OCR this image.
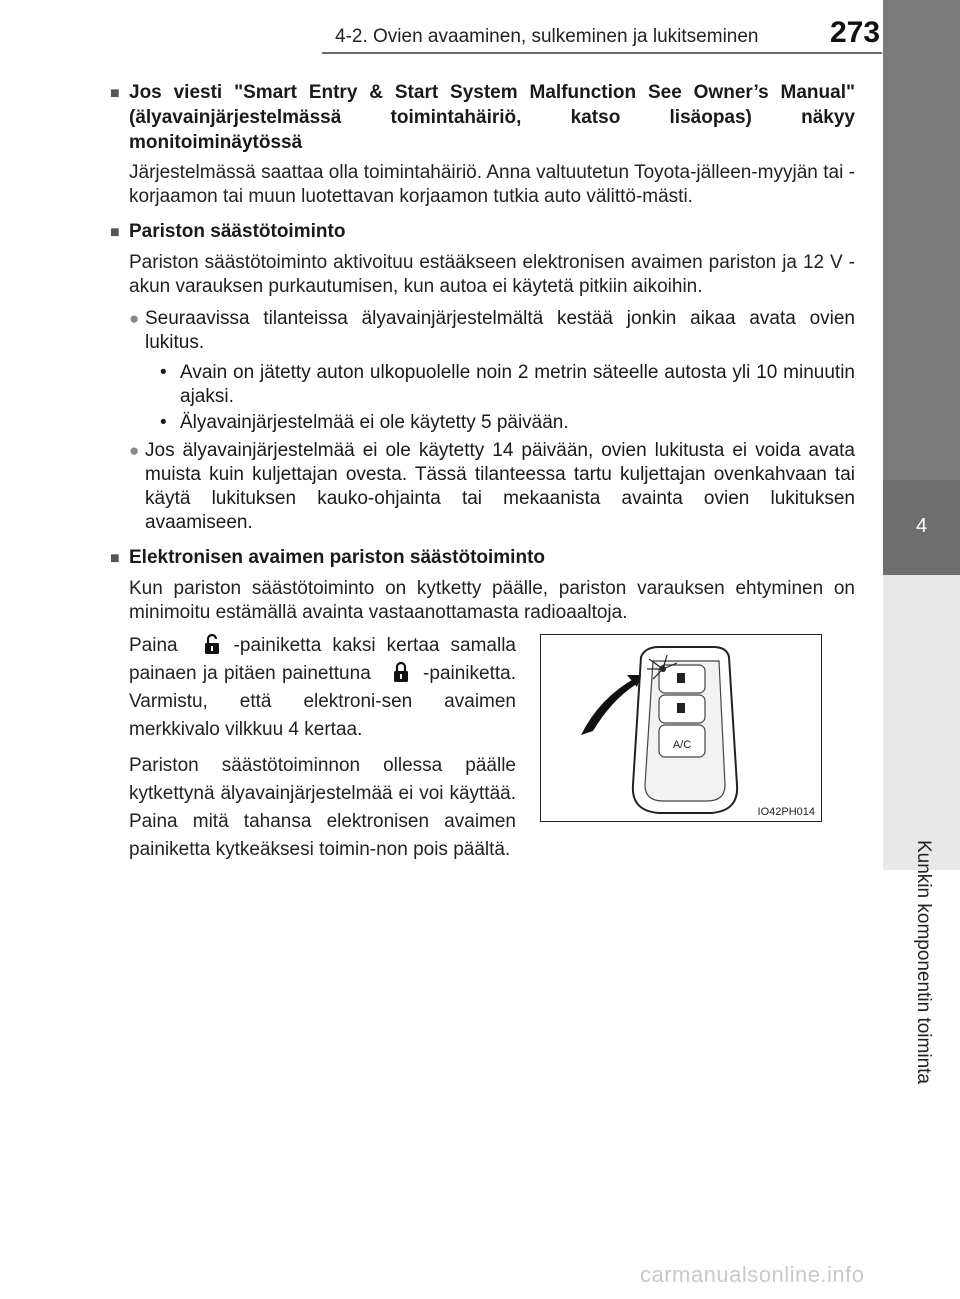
4-2. Ovien avaaminen, sulkeminen ja lukitseminen 273
4
Kunkin komponentin toiminta
■ Jos viesti "Smart Entry & Start System Malfunction See Owner’s Manual" (älyavainjärjestelmässä toimintahäiriö, katso lisäopas) näkyy monitoiminäytössä
Järjestelmässä saattaa olla toimintahäiriö. Anna valtuutetun Toyota-jälleen-myyjän tai -korjaamon tai muun luotettavan korjaamon tutkia auto välittö-mästi.
■ Pariston säästötoiminto
Pariston säästötoiminto aktivoituu estääkseen elektronisen avaimen pariston ja 12 V -akun varauksen purkautumisen, kun autoa ei käytetä pitkiin aikoihin.
● Seuraavissa tilanteissa älyavainjärjestelmältä kestää jonkin aikaa avata ovien lukitus.
• Avain on jätetty auton ulkopuolelle noin 2 metrin säteelle autosta yli 10 minuutin ajaksi.
• Älyavainjärjestelmää ei ole käytetty 5 päivään.
● Jos älyavainjärjestelmää ei ole käytetty 14 päivään, ovien lukitusta ei voida avata muista kuin kuljettajan ovesta. Tässä tilanteessa tartu kuljettajan ovenkahvaan tai käytä lukituksen kauko-ohjainta tai mekaanista avainta ovien lukituksen avaamiseen.
■ Elektronisen avaimen pariston säästötoiminto
Kun pariston säästötoiminto on kytketty päälle, pariston varauksen ehtyminen on minimoitu estämällä avainta vastaanottamasta radioaaltoja.
Paina	-painiketta kaksi kertaa samalla painaen ja pitäen painettuna	-painiketta. Varmistu, että elektroni-sen avaimen merkkivalo vilkkuu 4 kertaa.
Pariston säästötoiminnon ollessa päälle kytkettynä älyavainjärjestelmää ei voi käyttää. Paina mitä tahansa elektronisen avaimen painiketta kytkeäksesi toimin-non pois päältä.
A/C
IO42PH014
carmanualsonline.info
